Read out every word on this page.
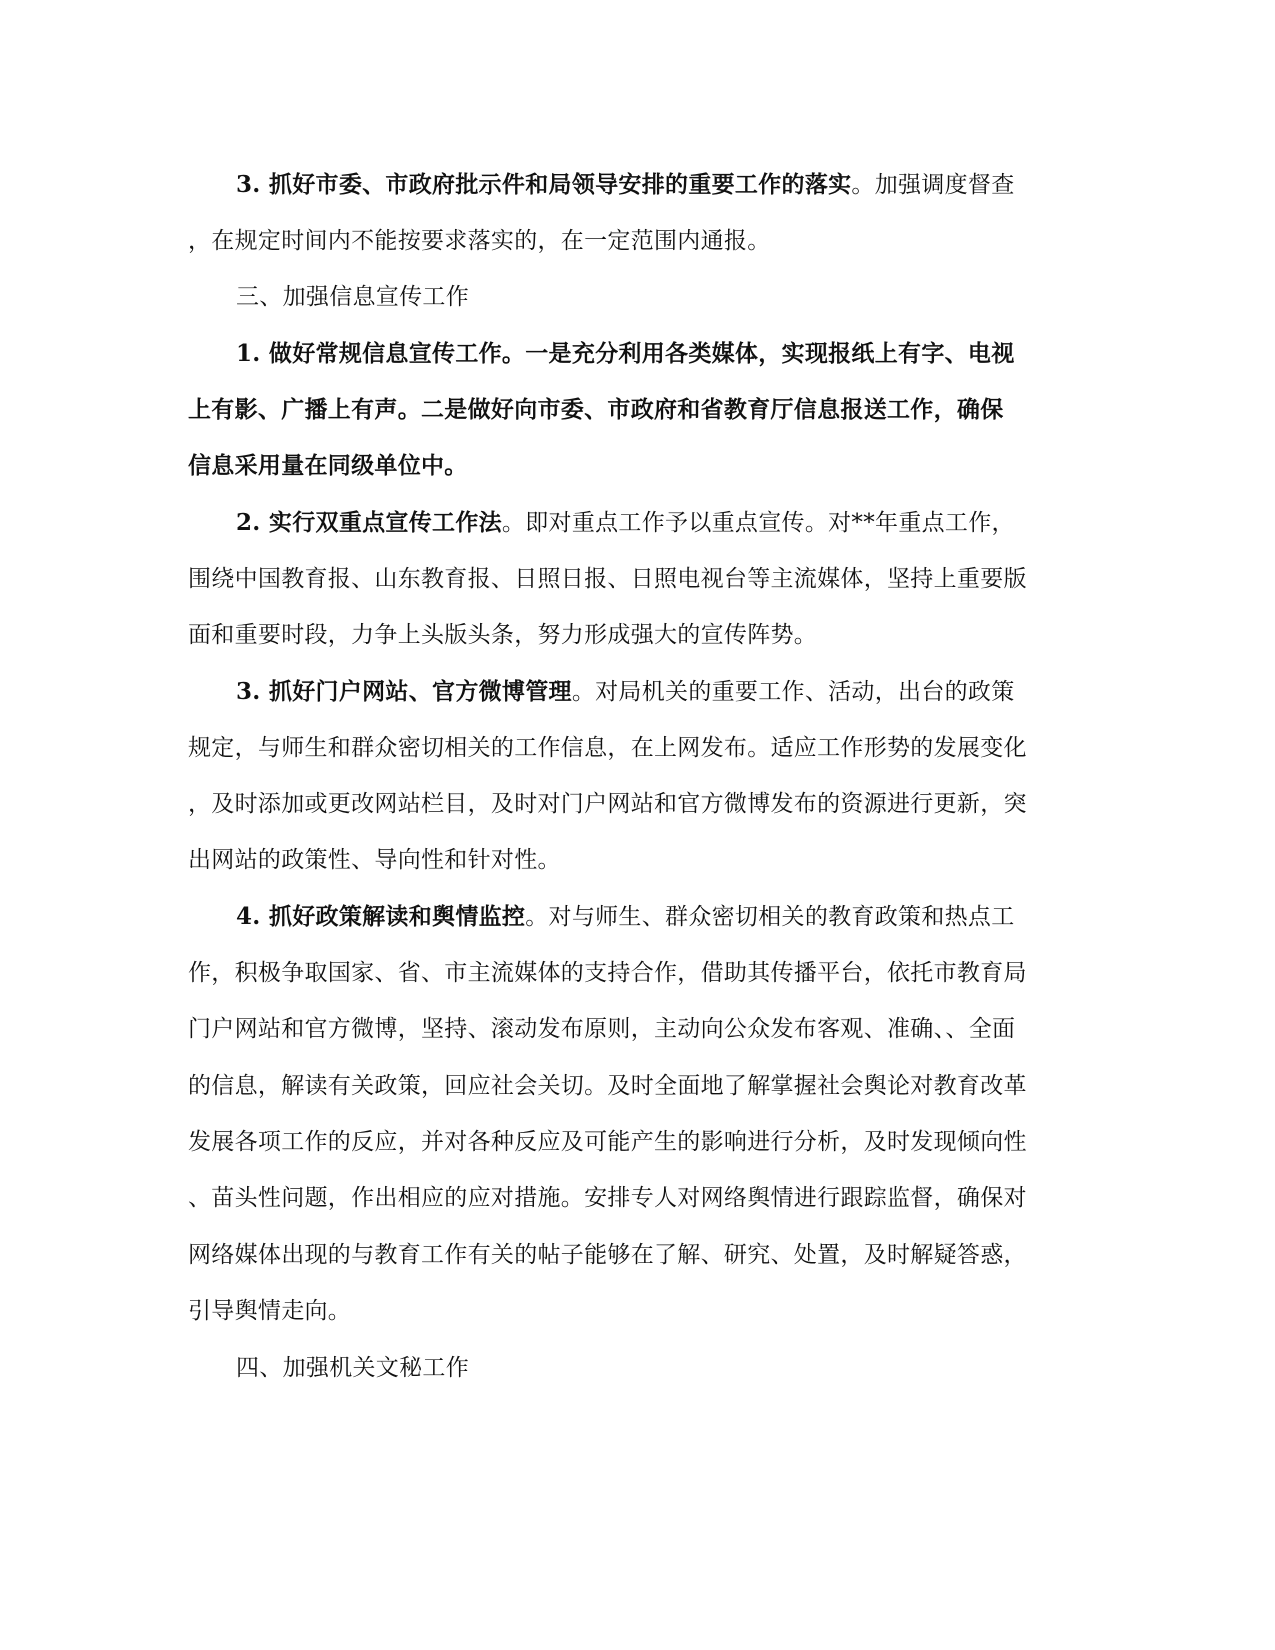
3. 抓好市委、市政府批示件和局领导安排的重要工作的落实。加强调度督查
，在规定时间内不能按要求落实的，在一定范围内通报。
三、加强信息宣传工作
1. 做好常规信息宣传工作。一是充分利用各类媒体，实现报纸上有字、电视
上有影、广播上有声。二是做好向市委、市政府和省教育厅信息报送工作，确保
信息采用量在同级单位中。
2. 实行双重点宣传工作法。即对重点工作予以重点宣传。对**年重点工作，
围绕中国教育报、山东教育报、日照日报、日照电视台等主流媒体，坚持上重要版
面和重要时段，力争上头版头条，努力形成强大的宣传阵势。
3. 抓好门户网站、官方微博管理。对局机关的重要工作、活动，出台的政策
规定，与师生和群众密切相关的工作信息，在上网发布。适应工作形势的发展变化
，及时添加或更改网站栏目，及时对门户网站和官方微博发布的资源进行更新，突
出网站的政策性、导向性和针对性。
4. 抓好政策解读和舆情监控。对与师生、群众密切相关的教育政策和热点工
作，积极争取国家、省、市主流媒体的支持合作，借助其传播平台，依托市教育局
门户网站和官方微博，坚持、滚动发布原则，主动向公众发布客观、准确、、全面
的信息，解读有关政策，回应社会关切。及时全面地了解掌握社会舆论对教育改革
发展各项工作的反应，并对各种反应及可能产生的影响进行分析，及时发现倾向性
、苗头性问题，作出相应的应对措施。安排专人对网络舆情进行跟踪监督，确保对
网络媒体出现的与教育工作有关的帖子能够在了解、研究、处置，及时解疑答惑，
引导舆情走向。
四、加强机关文秘工作
